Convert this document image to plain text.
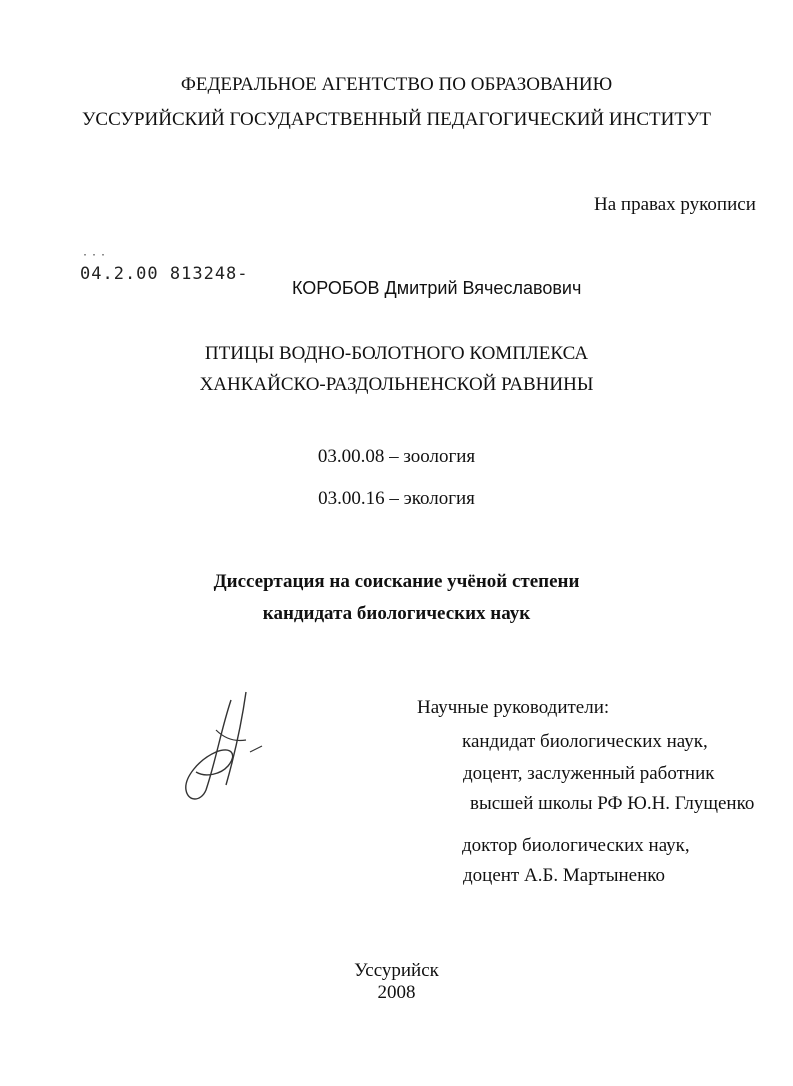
ФЕДЕРАЛЬНОЕ АГЕНТСТВО ПО ОБРАЗОВАНИЮ
УССУРИЙСКИЙ ГОСУДАРСТВЕННЫЙ ПЕДАГОГИЧЕСКИЙ ИНСТИТУТ
На правах рукописи
···
04.2.00 813248-
КОРОБОВ Дмитрий Вячеславович
ПТИЦЫ ВОДНО-БОЛОТНОГО КОМПЛЕКСА
ХАНКАЙСКО-РАЗДОЛЬНЕНСКОЙ РАВНИНЫ
03.00.08 – зоология
03.00.16 – экология
Диссертация на соискание учёной степени
кандидата биологических наук
Научные руководители:
кандидат биологических наук,
доцент, заслуженный работник
высшей школы РФ Ю.Н. Глущенко
доктор биологических наук,
доцент А.Б. Мартыненко
Уссурийск
2008
